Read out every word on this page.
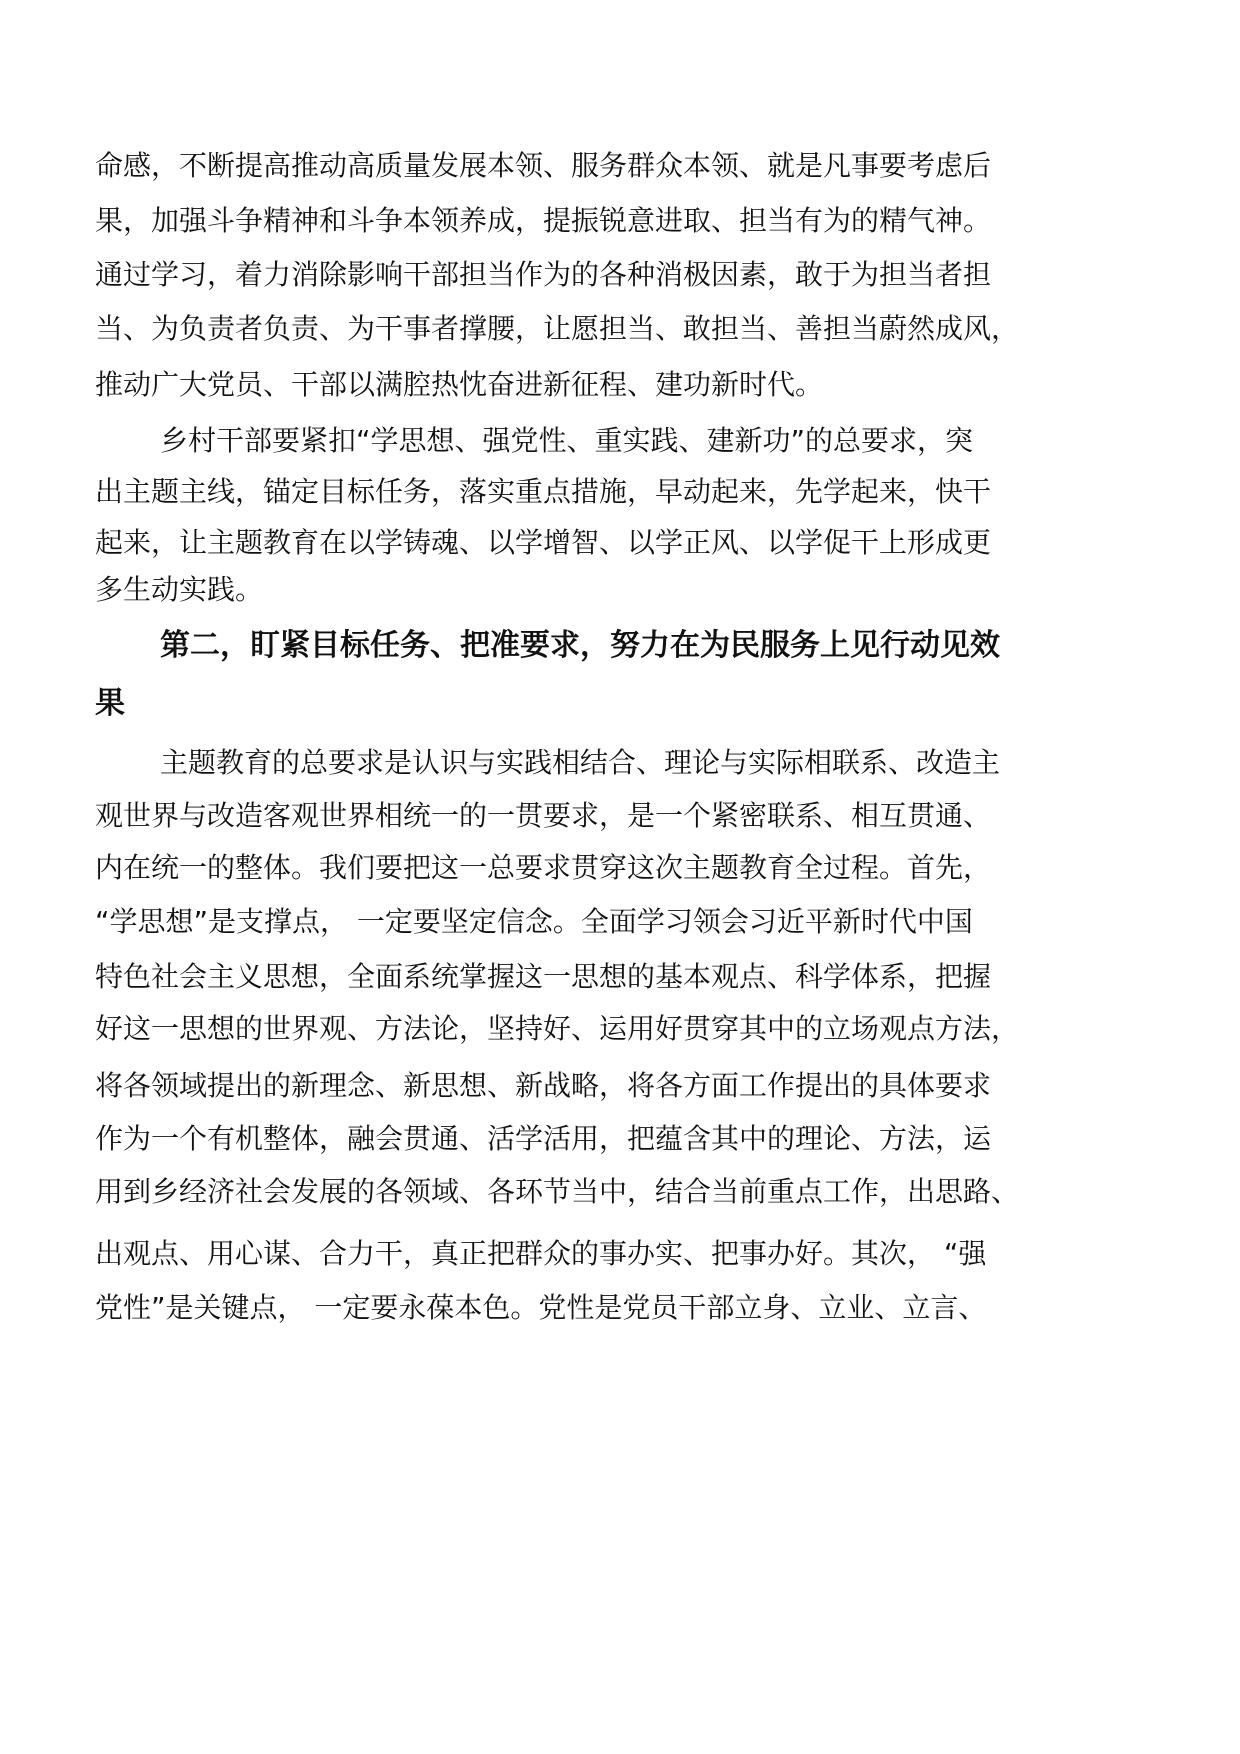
命感，不断提高推动高质量发展本领、服务群众本领、就是凡事要考虑后

果，加强斗争精神和斗争本领养成，提振锐意进取、担当有为的精气神。

通过学习，着力消除影响干部担当作为的各种消极因素，敢于为担当者担

当、为负责者负责、为干事者撑腰，让愿担当、敢担当、善担当蔚然成风，

推动广大党员、干部以满腔热忱奋进新征程、建功新时代。

乡村干部要紧扣“学思想、强党性、重实践、建新功”的总要求，突

出主题主线，锚定目标任务，落实重点措施，早动起来，先学起来，快干

起来，让主题教育在以学铸魂、以学增智、以学正风、以学促干上形成更

多生动实践。

第二，盯紧目标任务、把准要求，努力在为民服务上见行动见效

果

主题教育的总要求是认识与实践相结合、理论与实际相联系、改造主

观世界与改造客观世界相统一的一贯要求，是一个紧密联系、相互贯通、

内在统一的整体。我们要把这一总要求贯穿这次主题教育全过程。首先，

“学思想”是支撑点， 一定要坚定信念。全面学习领会习近平新时代中国

特色社会主义思想，全面系统掌握这一思想的基本观点、科学体系，把握

好这一思想的世界观、方法论，坚持好、运用好贯穿其中的立场观点方法，

将各领域提出的新理念、新思想、新战略，将各方面工作提出的具体要求

作为一个有机整体，融会贯通、活学活用，把蕴含其中的理论、方法，运

用到乡经济社会发展的各领域、各环节当中，结合当前重点工作，出思路、

出观点、用心谋、合力干，真正把群众的事办实、把事办好。其次， “强

党性”是关键点， 一定要永葆本色。党性是党员干部立身、立业、立言、
